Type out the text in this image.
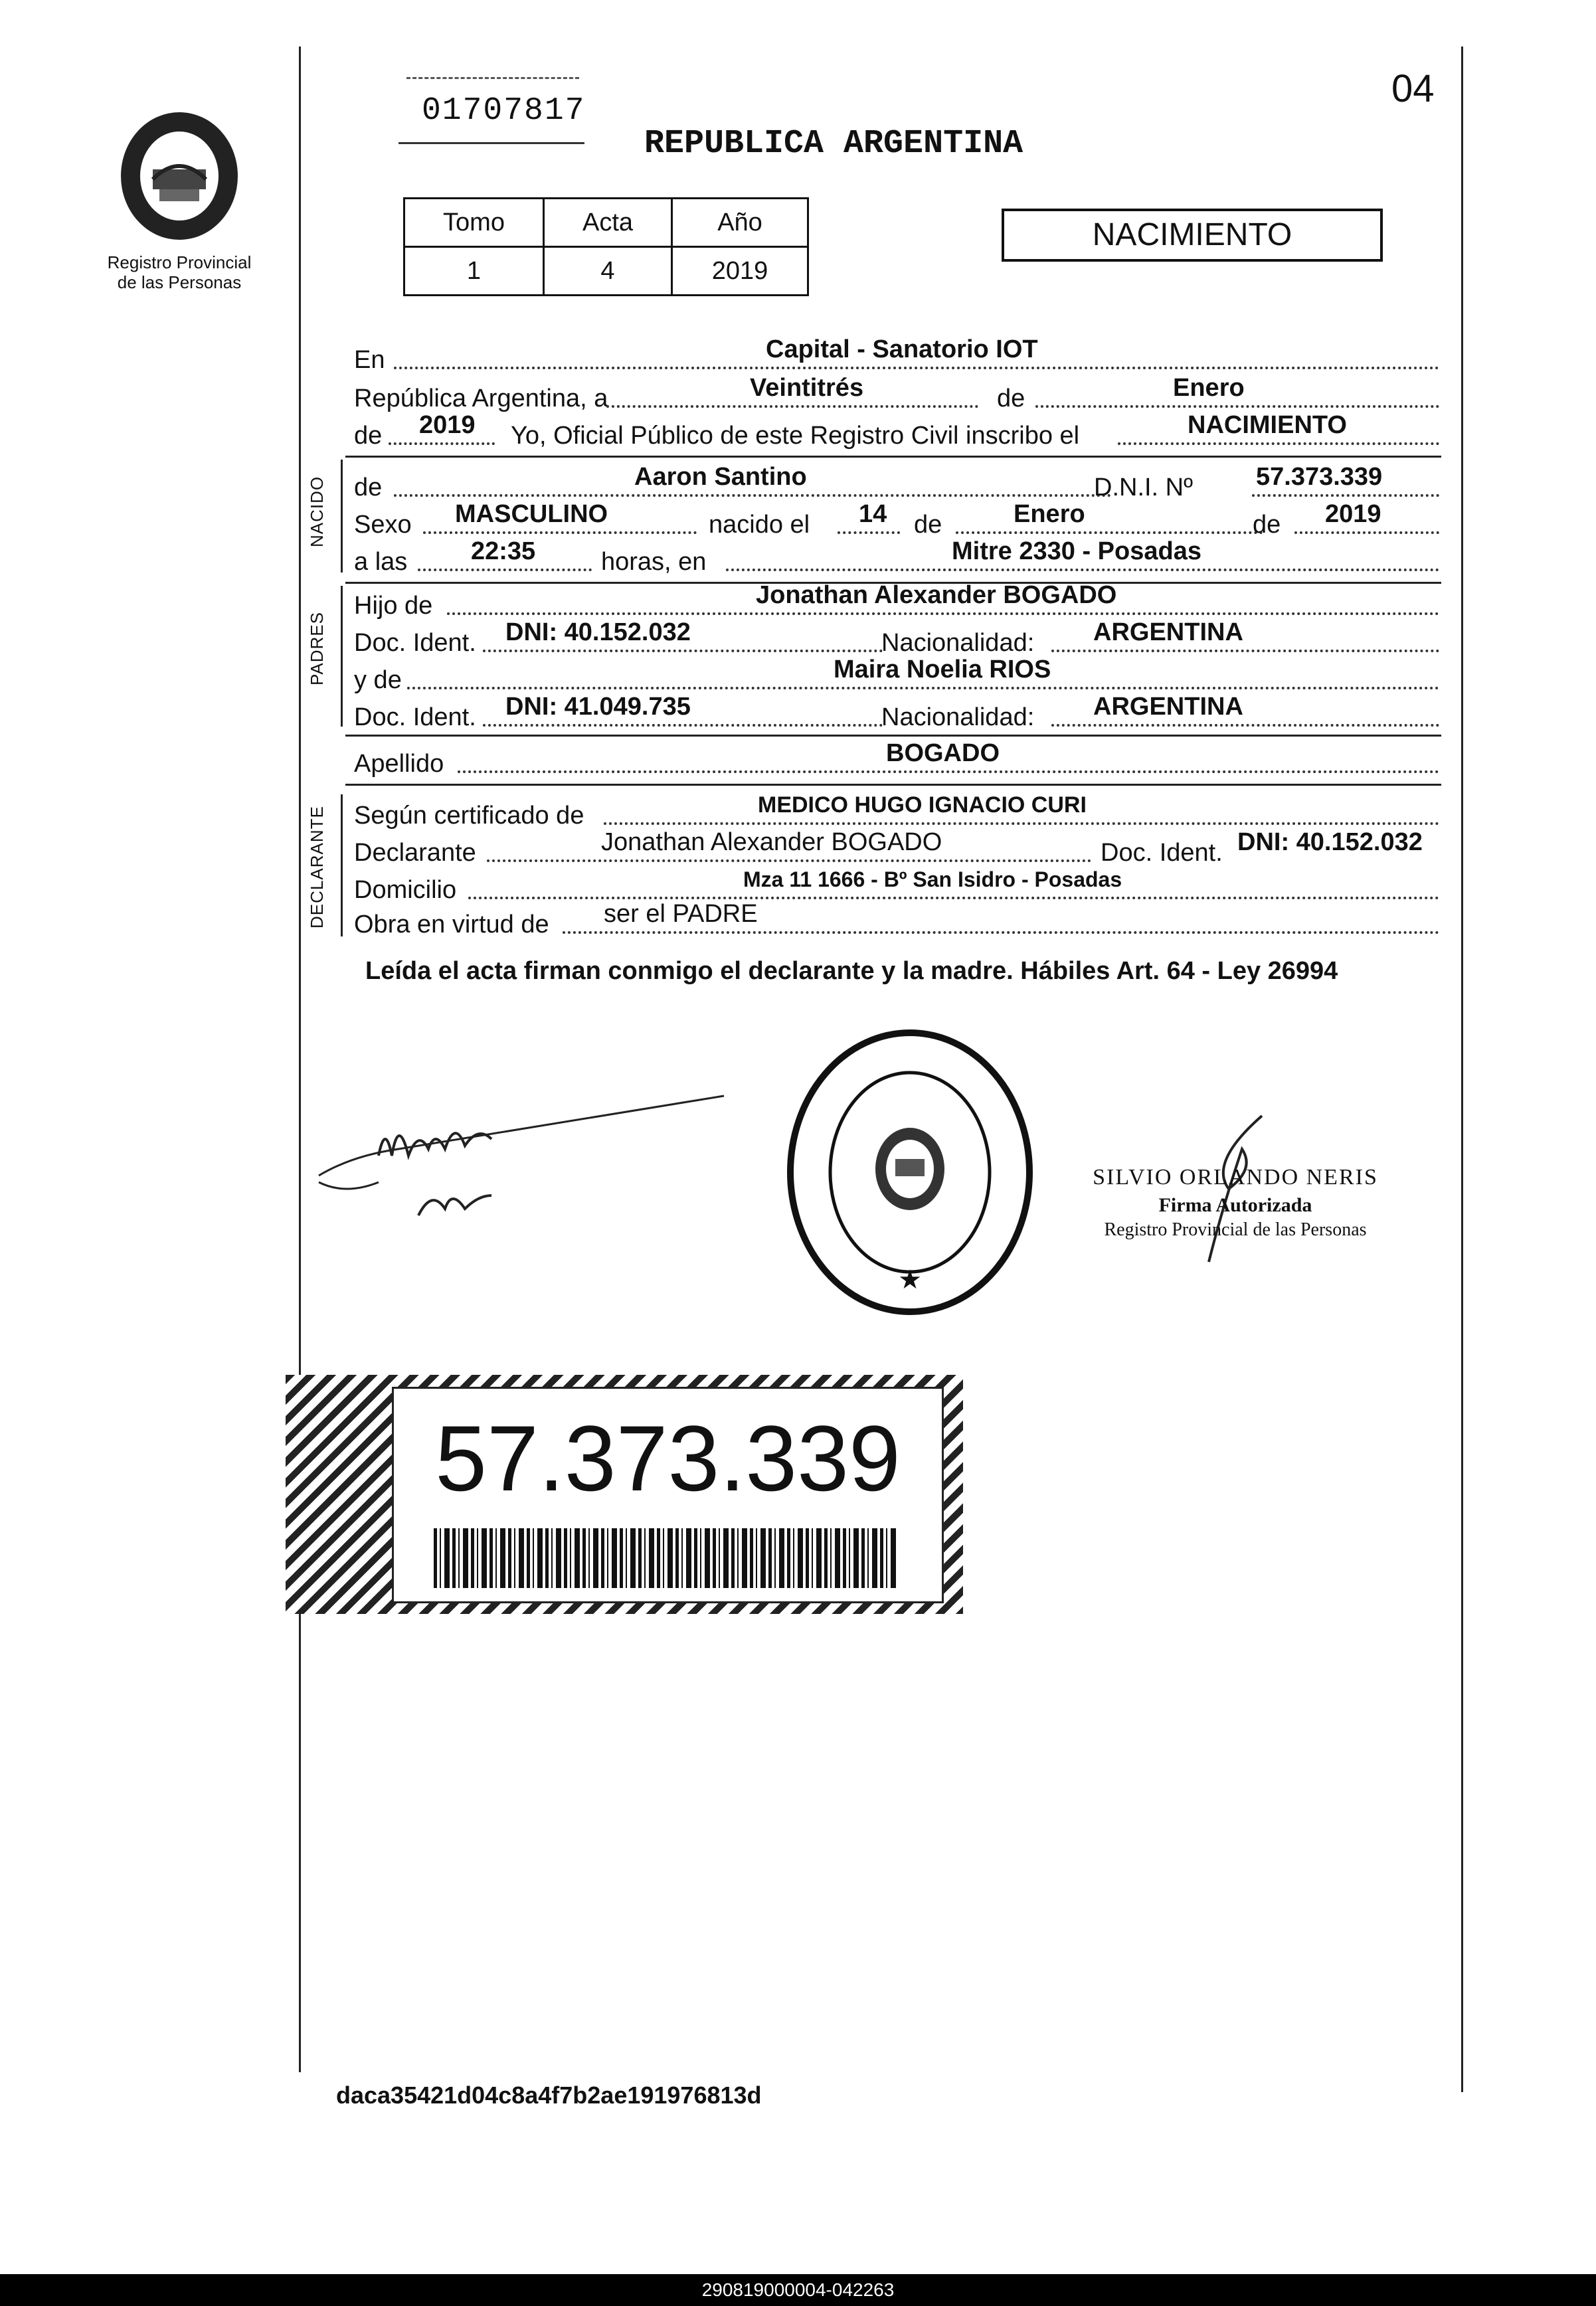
Registro Provincial
de las Personas
01707817
REPUBLICA ARGENTINA
04
Tomo	Acta	Año
1	4	2019
NACIMIENTO
En	Capital - Sanatorio IOT
República Argentina, a	Veintitrés	de	Enero
de 2019 Yo, Oficial Público de este Registro Civil inscribo el	NACIMIENTO
NACIDO de	Aaron Santino	D.N.I. Nº	57.373.339
Sexo MASCULINO	nacido el 14 de	Enero	de 2019
a las	22:35	horas, en	Mitre 2330 - Posadas
PADRES
Hijo de	Jonathan Alexander BOGADO
Doc. Ident. DNI: 40.152.032	Nacionalidad: ARGENTINA
y de	Maira Noelia RIOS
Doc. Ident. DNI: 41.049.735	Nacionalidad: ARGENTINA
Apellido	BOGADO
DECLARANTE Según certificado de	MEDICO HUGO IGNACIO CURI
Declarante	Jonathan Alexander BOGADO	Doc. Ident. DNI: 40.152.032
Domicilio	Mza 11 1666 - Bº San Isidro - Posadas
Obra en virtud de ser el PADRE
Leída el acta firman conmigo el declarante y la madre. Hábiles Art. 64 - Ley 26994
★
SILVIO ORLANDO NERIS
Firma Autorizada
Registro Provincial de las Personas
57.373.339
daca35421d04c8a4f7b2ae191976813d
290819000004-042263
